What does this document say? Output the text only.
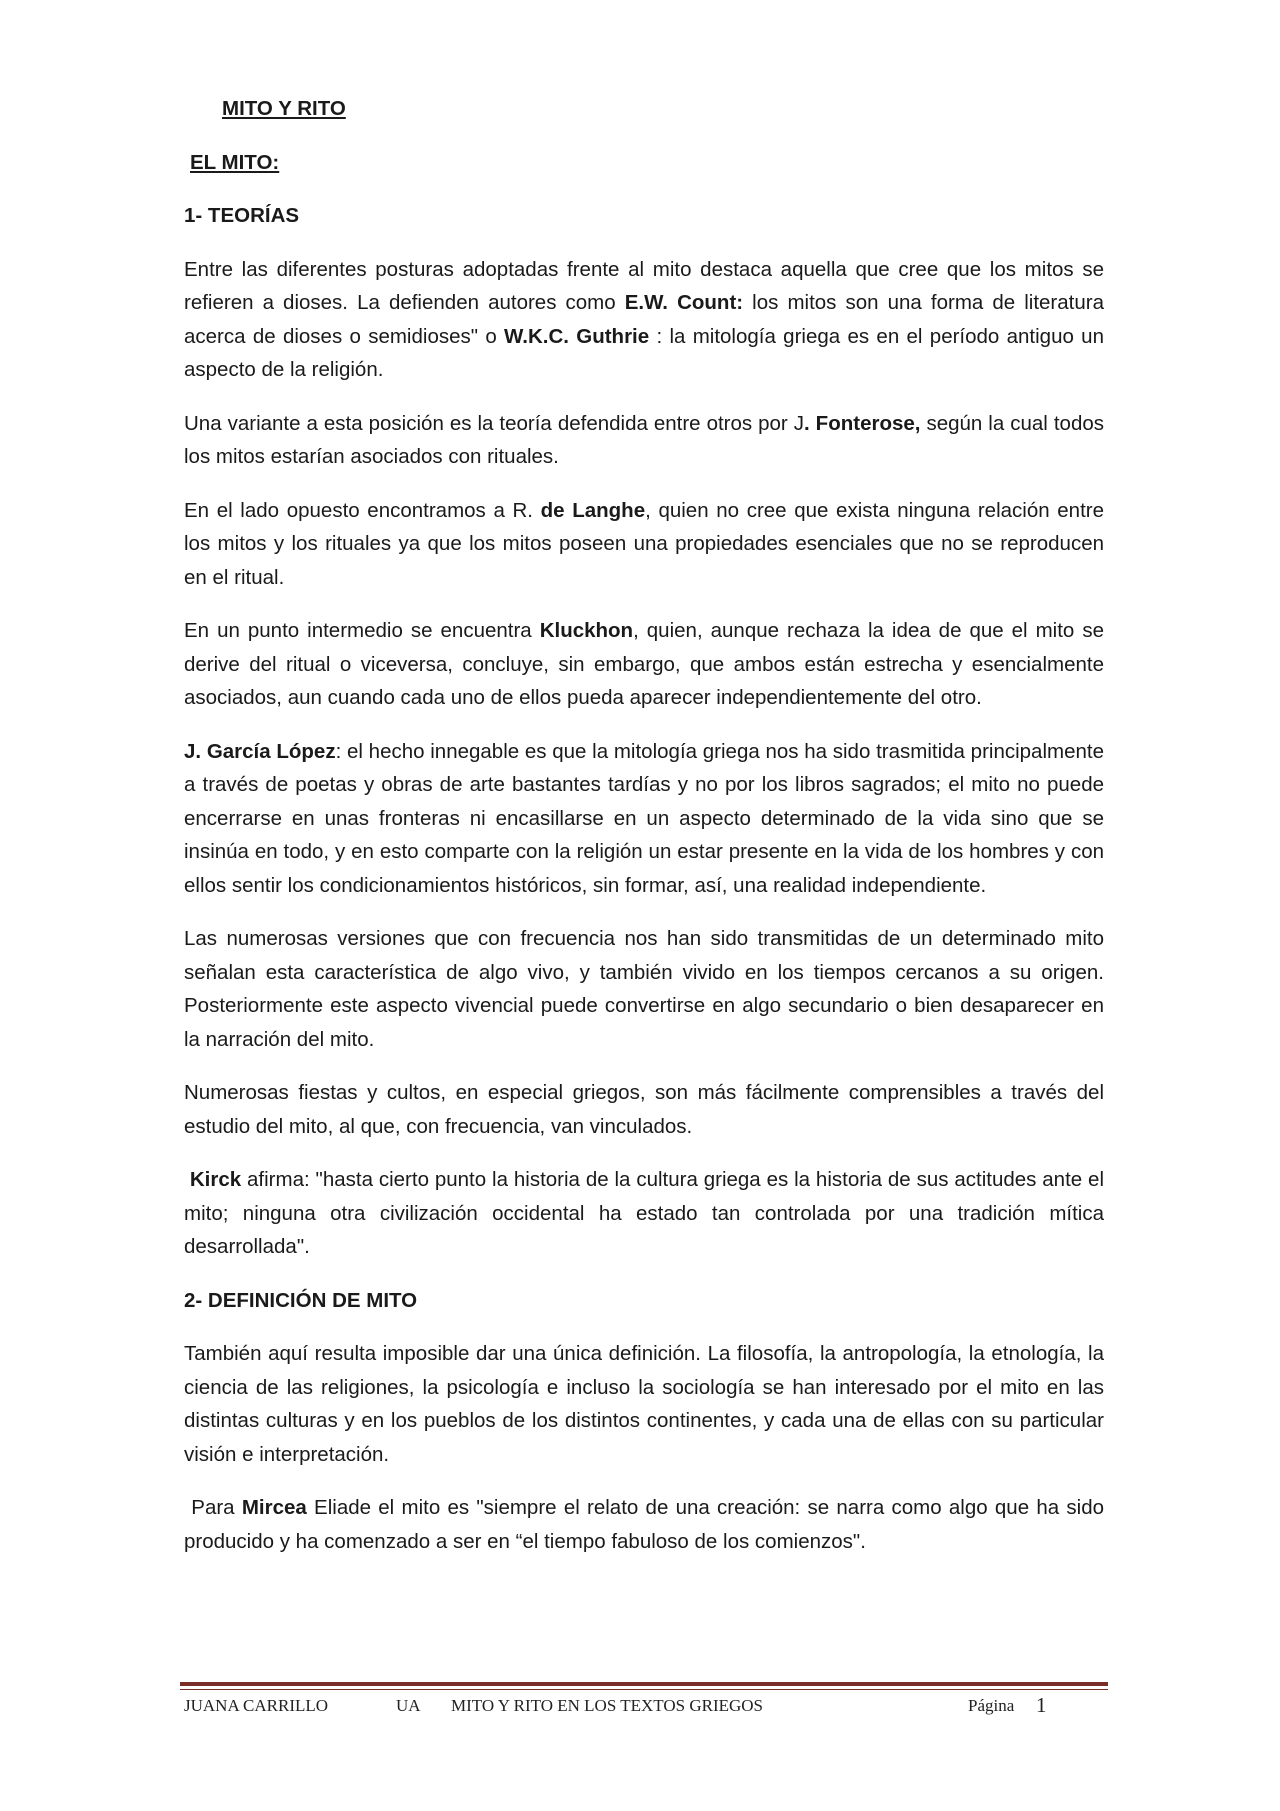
MITO Y RITO
EL MITO:
1- TEORÍAS

Entre las diferentes posturas adoptadas frente al mito destaca aquella que cree que los mitos se refieren a dioses. La defienden autores como E.W. Count: los mitos son una forma de literatura acerca de dioses o semidioses" o W.K.C. Guthrie : la mitología griega es en el período antiguo un aspecto de la religión.

Una variante a esta posición es la teoría defendida entre otros por J. Fonterose, según la cual todos los mitos estarían asociados con rituales.

En el lado opuesto encontramos a R. de Langhe, quien no cree que exista ninguna relación entre los mitos y los rituales ya que los mitos poseen una propiedades esenciales que no se reproducen en el ritual.

En un punto intermedio se encuentra Kluckhon, quien, aunque rechaza la idea de que el mito se derive del ritual o viceversa, concluye, sin embargo, que ambos están estrecha y esencialmente asociados, aun cuando cada uno de ellos pueda aparecer independientemente del otro.

J. García López: el hecho innegable es que la mitología griega nos ha sido trasmitida principalmente a través de poetas y obras de arte bastantes tardías y no por los libros sagrados; el mito no puede encerrarse en unas fronteras ni encasillarse en un aspecto determinado de la vida sino que se insinúa en todo, y en esto comparte con la religión un estar presente en la vida de los hombres y con ellos sentir los condicionamientos históricos, sin formar, así, una realidad independiente.

Las numerosas versiones que con frecuencia nos han sido transmitidas de un determinado mito señalan esta característica de algo vivo, y también vivido en los tiempos cercanos a su origen. Posteriormente este aspecto vivencial puede convertirse en algo secundario o bien desaparecer en la narración del mito.

Numerosas fiestas y cultos, en especial griegos, son más fácilmente comprensibles a través del estudio del mito, al que, con frecuencia, van vinculados.

Kirck afirma: "hasta cierto punto la historia de la cultura griega es la historia de sus actitudes ante el mito; ninguna otra civilización occidental ha estado tan controlada por una tradición mítica desarrollada".

2- DEFINICIÓN DE MITO

También aquí resulta imposible dar una única definición. La filosofía, la antropología, la etnología, la ciencia de las religiones, la psicología e incluso la sociología se han interesado por el mito en las distintas culturas y en los pueblos de los distintos continentes, y cada una de ellas con su particular visión e interpretación.

Para Mircea Eliade el mito es "siempre el relato de una creación: se narra como algo que ha sido producido y ha comenzado a ser en “el tiempo fabuloso de los comienzos".

JUANA CARRILLO	UA MITO Y RITO EN LOS TEXTOS GRIEGOS	Página 1
